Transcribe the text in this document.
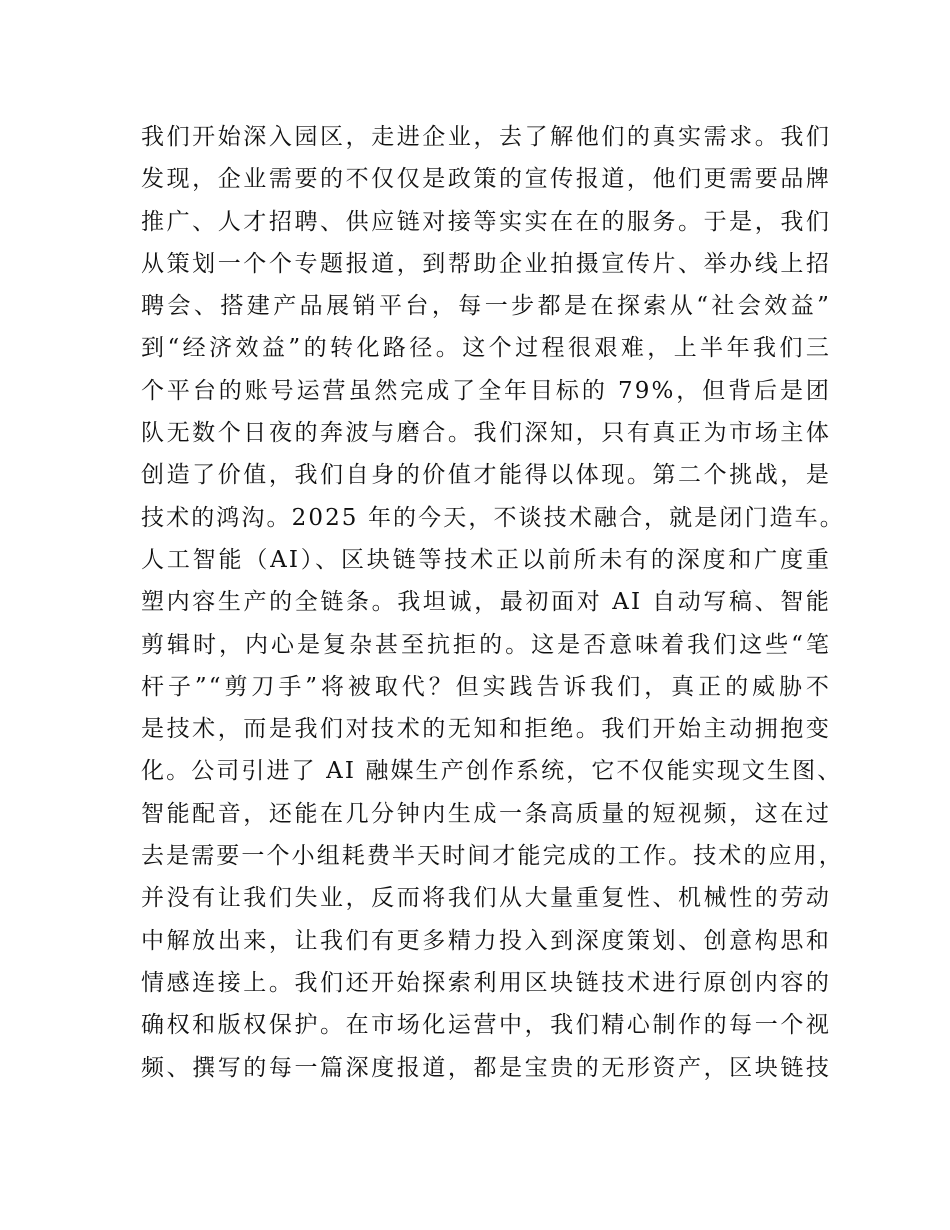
我们开始深入园区，走进企业，去了解他们的真实需求。我们
发现，企业需要的不仅仅是政策的宣传报道，他们更需要品牌
推广、人才招聘、供应链对接等实实在在的服务。于是，我们
从策划一个个专题报道，到帮助企业拍摄宣传片、举办线上招
聘会、搭建产品展销平台，每一步都是在探索从“社会效益”
到“经济效益”的转化路径。这个过程很艰难，上半年我们三
个平台的账号运营虽然完成了全年目标的 79%，但背后是团
队无数个日夜的奔波与磨合。我们深知，只有真正为市场主体
创造了价值，我们自身的价值才能得以体现。第二个挑战，是
技术的鸿沟。2025 年的今天，不谈技术融合，就是闭门造车。
人工智能（AI）、区块链等技术正以前所未有的深度和广度重
塑内容生产的全链条。我坦诚，最初面对 AI 自动写稿、智能
剪辑时，内心是复杂甚至抗拒的。这是否意味着我们这些“笔
杆子”“剪刀手”将被取代？但实践告诉我们，真正的威胁不
是技术，而是我们对技术的无知和拒绝。我们开始主动拥抱变
化。公司引进了 AI 融媒生产创作系统，它不仅能实现文生图、
智能配音，还能在几分钟内生成一条高质量的短视频，这在过
去是需要一个小组耗费半天时间才能完成的工作。技术的应用，
并没有让我们失业，反而将我们从大量重复性、机械性的劳动
中解放出来，让我们有更多精力投入到深度策划、创意构思和
情感连接上。我们还开始探索利用区块链技术进行原创内容的
确权和版权保护。在市场化运营中，我们精心制作的每一个视
频、撰写的每一篇深度报道，都是宝贵的无形资产，区块链技
